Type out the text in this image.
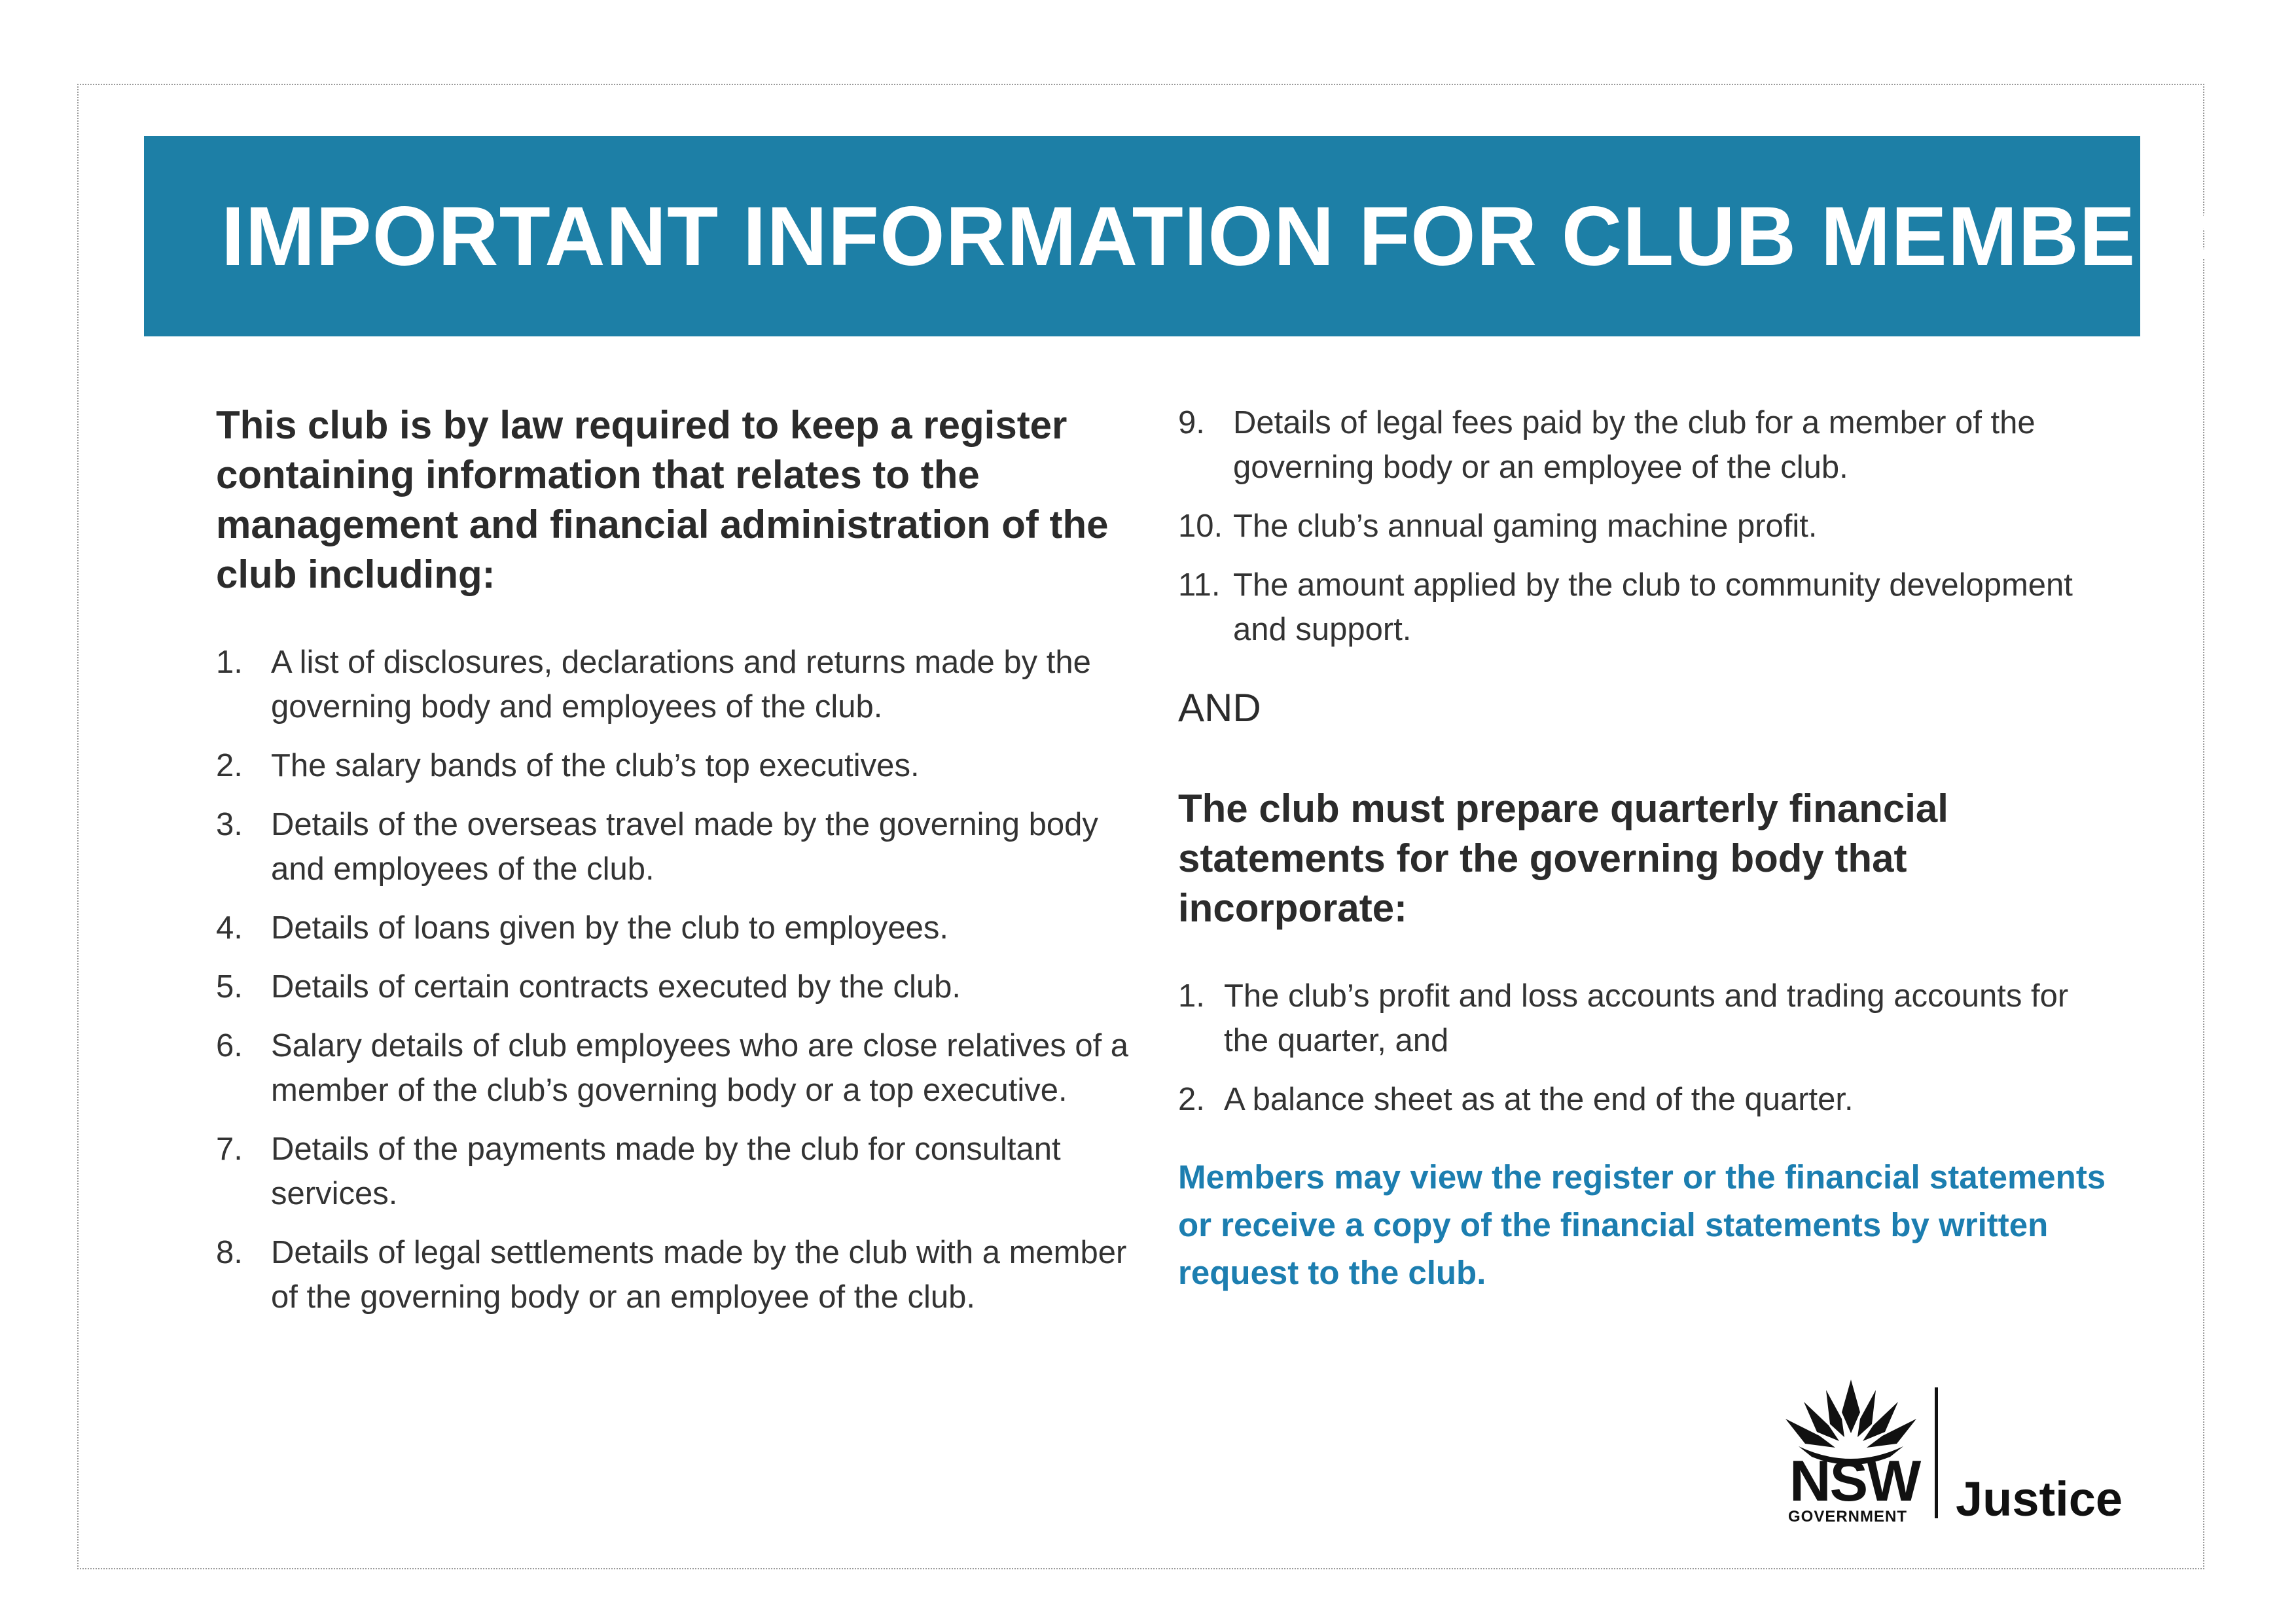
IMPORTANT INFORMATION FOR CLUB MEMBERS

This club is by law required to keep a register containing information that relates to the management and financial administration of the club including:

1. A list of disclosures, declarations and returns made by the governing body and employees of the club.
2. The salary bands of the club’s top executives.
3. Details of the overseas travel made by the governing body and employees of the club.
4. Details of loans given by the club to employees.
5. Details of certain contracts executed by the club.
6. Salary details of club employees who are close relatives of a member of the club’s governing body or a top executive.
7. Details of the payments made by the club for consultant services.
8. Details of legal settlements made by the club with a member of the governing body or an employee of the club.
9. Details of legal fees paid by the club for a member of the governing body or an employee of the club.
10. The club’s annual gaming machine profit.
11. The amount applied by the club to community development and support.

AND

The club must prepare quarterly financial statements for the governing body that incorporate:

1. The club’s profit and loss accounts and trading accounts for the quarter, and
2. A balance sheet as at the end of the quarter.

Members may view the register or the financial statements or receive a copy of the financial statements by written request to the club.

NSW
GOVERNMENT Justice
